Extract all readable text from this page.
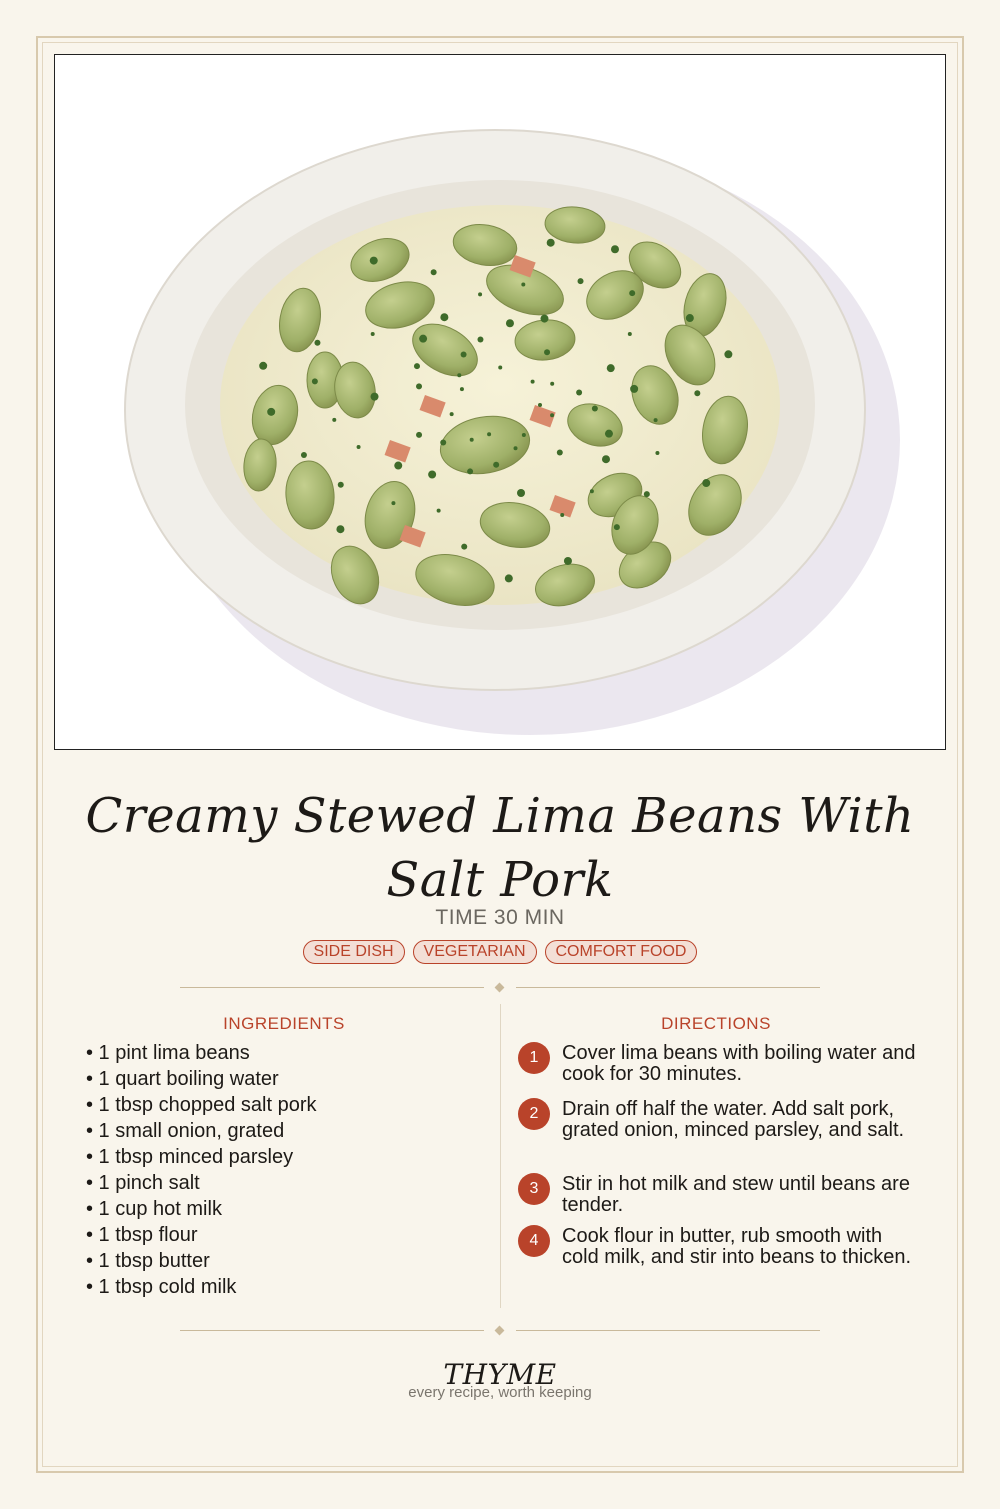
Creamy Stewed Lima Beans With Salt Pork
TIME 30 MIN
SIDE DISH	VEGETARIAN	COMFORT FOOD
INGREDIENTS
• 1 pint lima beans
• 1 quart boiling water
• 1 tbsp chopped salt pork
• 1 small onion, grated
• 1 tbsp minced parsley
• 1 pinch salt
• 1 cup hot milk
• 1 tbsp flour
• 1 tbsp butter
• 1 tbsp cold milk
DIRECTIONS
1	Cover lima beans with boiling water and cook for 30 minutes.
2	Drain off half the water. Add salt pork, grated onion, minced parsley, and salt.
3	Stir in hot milk and stew until beans are tender.
4	Cook flour in butter, rub smooth with cold milk, and stir into beans to thicken.
THYME
every recipe, worth keeping
